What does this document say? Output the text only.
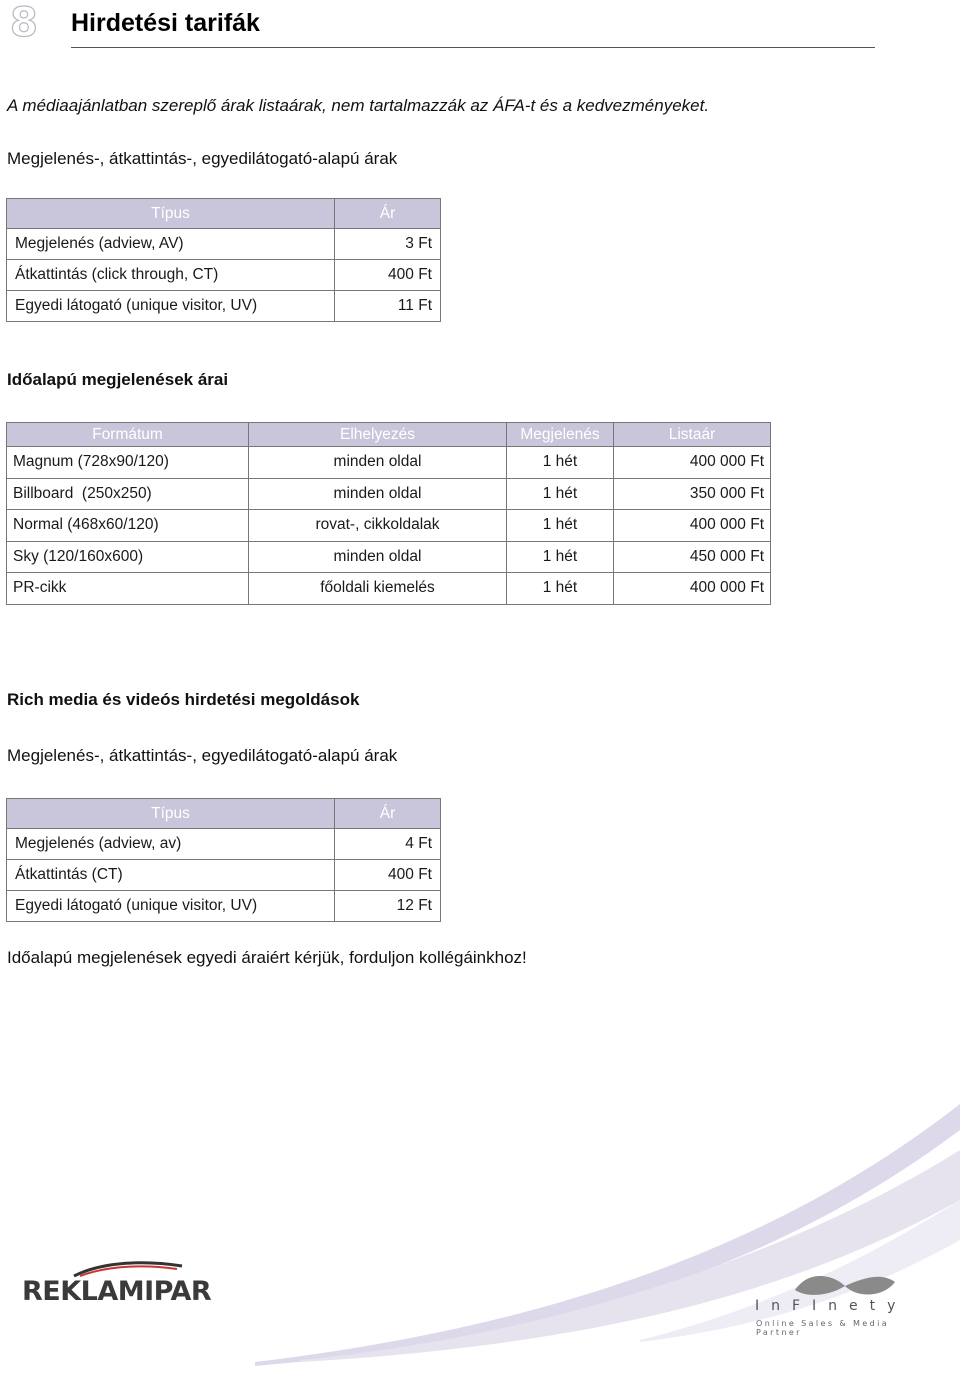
8 Hirdetési tarifák
A médiaajánlatban szereplő árak listaárak, nem tartalmazzák az ÁFA-t és a kedvezményeket.
Megjelenés-, átkattintás-, egyedilátogató-alapú árak
Típus	Ár
Megjelenés (adview, AV)	3 Ft
Átkattintás (click through, CT)	400 Ft
Egyedi látogató (unique visitor, UV)	11 Ft
Időalapú megjelenések árai
Formátum	Elhelyezés	Megjelenés	Listaár
Magnum (728x90/120)	minden oldal	1 hét	400 000 Ft
Billboard  (250x250)	minden oldal	1 hét	350 000 Ft
Normal (468x60/120)	rovat-, cikkoldalak	1 hét	400 000 Ft
Sky (120/160x600)	minden oldal	1 hét	450 000 Ft
PR-cikk	főoldali kiemelés	1 hét	400 000 Ft
Rich media és videós hirdetési megoldások
Megjelenés-, átkattintás-, egyedilátogató-alapú árak
Típus	Ár
Megjelenés (adview, av)	4 Ft
Átkattintás (CT)	400 Ft
Egyedi látogató (unique visitor, UV)	12 Ft
Időalapú megjelenések egyedi áraiért kérjük, forduljon kollégáinkhoz!
REKLAMIPAR	InFInety
Online Sales & Media Partner
